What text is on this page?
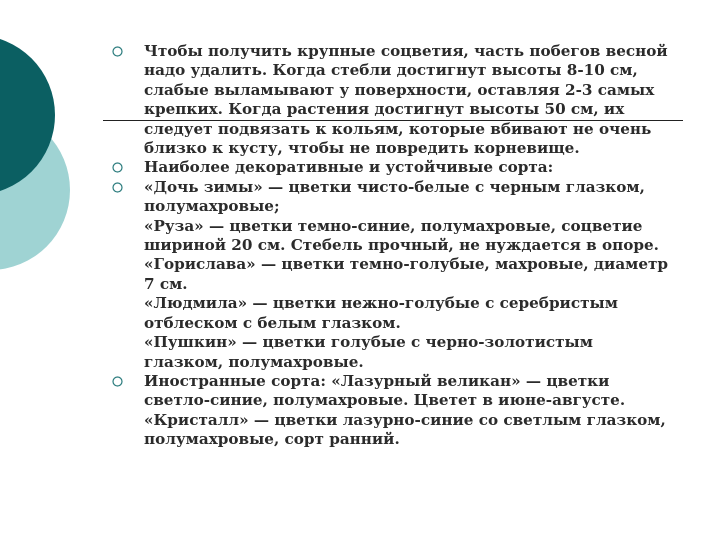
Чтобы получить крупные соцветия, часть побегов весной
надо удалить. Когда стебли достигнут высоты 8-10 см,
слабые выламывают у поверхности, оставляя 2-3 самых
крепких. Когда растения достигнут высоты 50 см, их
следует подвязать к кольям, которые вбивают не очень
близко к кусту, чтобы не повредить корневище.
Наиболее декоративные и устойчивые сорта:
«Дочь зимы» — цветки чисто-белые с черным глазком,
полумахровые;
«Руза» — цветки темно-синие, полумахровые, соцветие
шириной 20 см. Стебель прочный, не нуждается в опоре.
«Горислава» — цветки темно-голубые, махровые, диаметр
7 см.
«Людмила» — цветки нежно-голубые с серебристым
отблеском с белым глазком.
«Пушкин» — цветки голубые с черно-золотистым
глазком, полумахровые.
Иностранные сорта: «Лазурный великан» — цветки
светло-синие, полумахровые. Цветет в июне-августе.
«Кристалл» — цветки лазурно-синие со светлым глазком,
полумахровые, сорт ранний.
